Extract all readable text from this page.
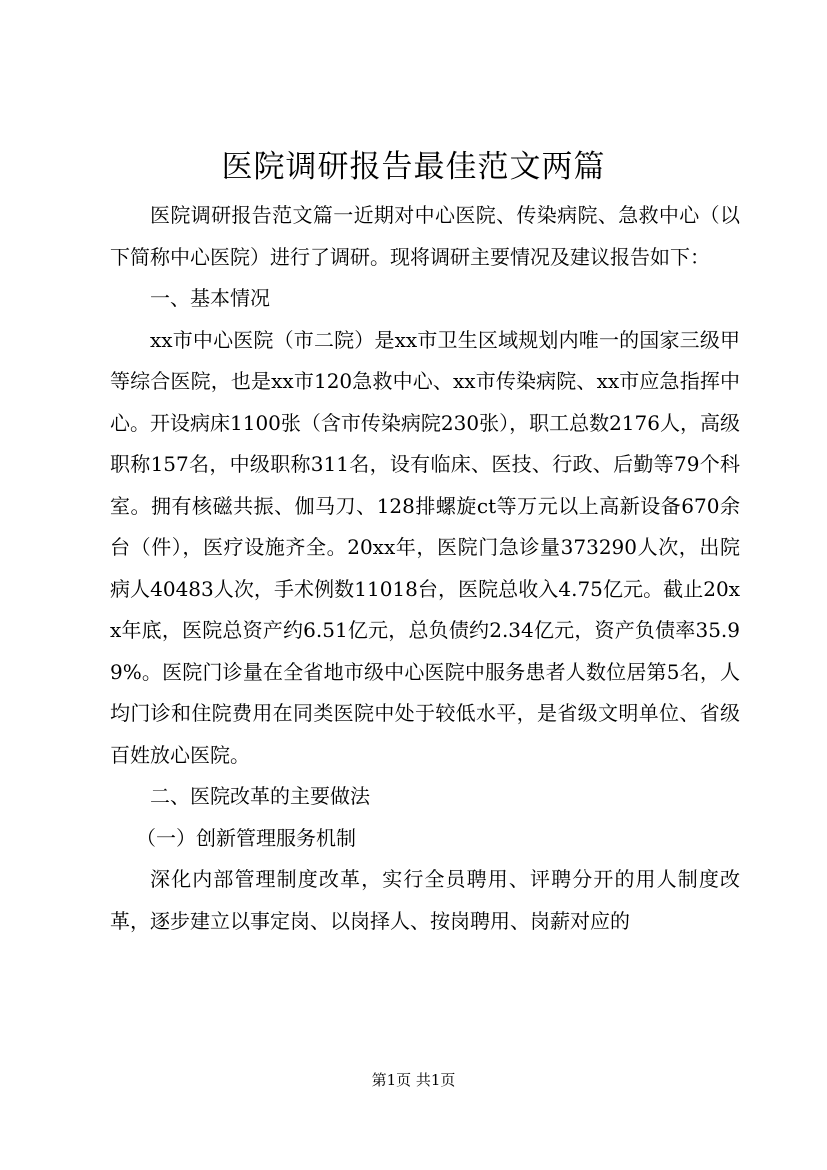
医院调研报告最佳范文两篇

医院调研报告范文篇一近期对中心医院、传染病院、急救中心（以下简称中心医院）进行了调研。现将调研主要情况及建议报告如下：

一、基本情况

xx市中心医院（市二院）是xx市卫生区域规划内唯一的国家三级甲等综合医院，也是xx市120急救中心、xx市传染病院、xx市应急指挥中心。开设病床1100张（含市传染病院230张），职工总数2176人，高级职称157名，中级职称311名，设有临床、医技、行政、后勤等79个科室。拥有核磁共振、伽马刀、128排螺旋ct等万元以上高新设备670余台（件），医疗设施齐全。20xx年，医院门急诊量373290人次，出院病人40483人次，手术例数11018台，医院总收入4.75亿元。截止20xx年底，医院总资产约6.51亿元，总负债约2.34亿元，资产负债率35.99%。医院门诊量在全省地市级中心医院中服务患者人数位居第5名，人均门诊和住院费用在同类医院中处于较低水平，是省级文明单位、省级百姓放心医院。

二、医院改革的主要做法

（一）创新管理服务机制

深化内部管理制度改革，实行全员聘用、评聘分开的用人制度改革，逐步建立以事定岗、以岗择人、按岗聘用、岗薪对应的

第1页 共1页
